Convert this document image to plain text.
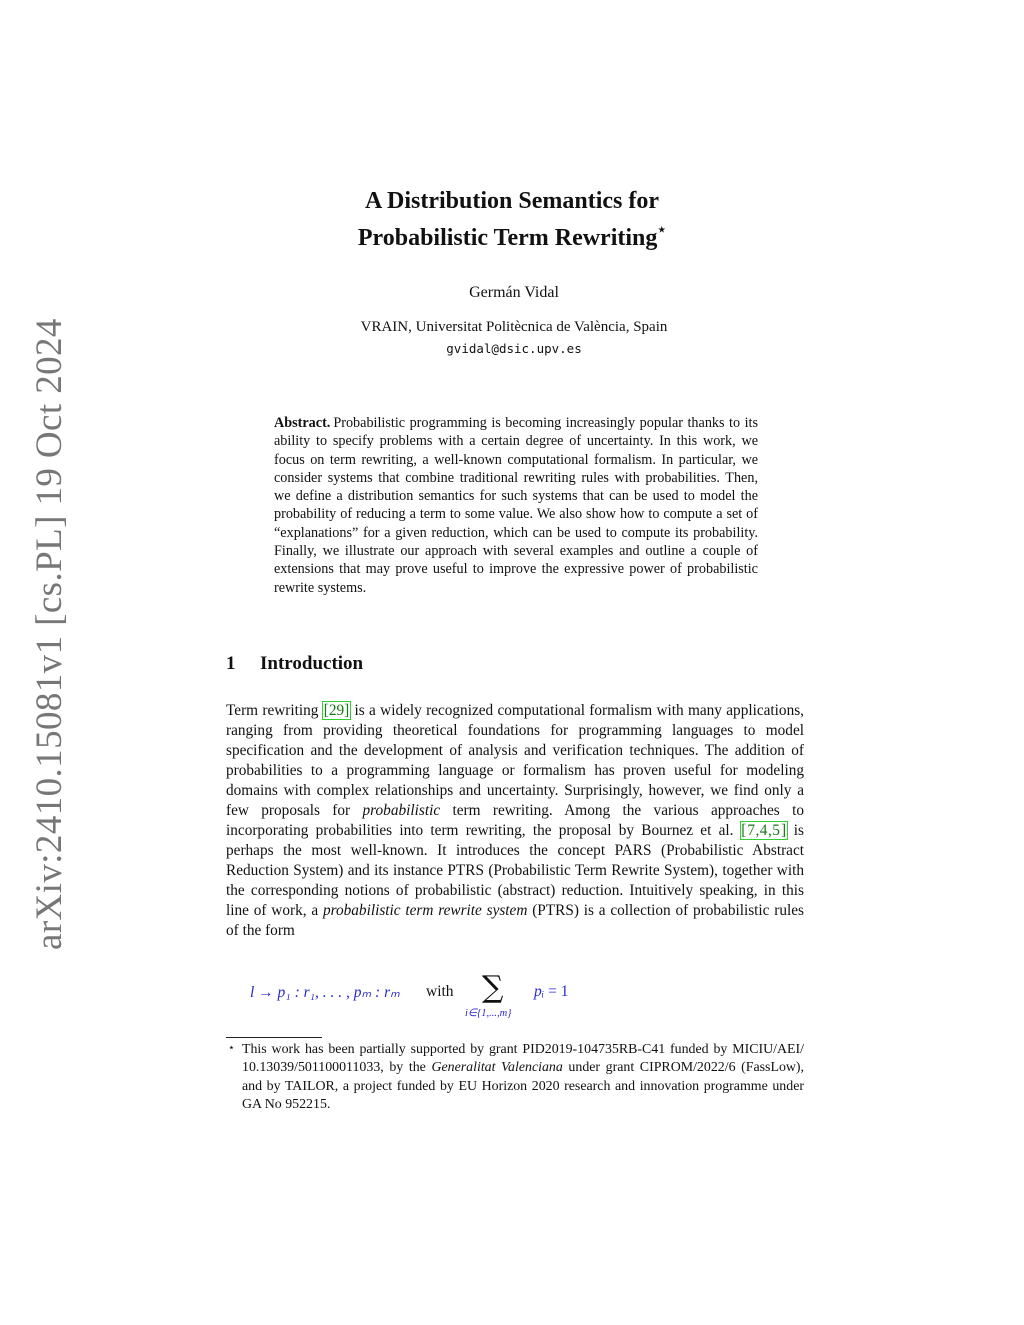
arXiv:2410.15081v1 [cs.PL] 19 Oct 2024
A Distribution Semantics for
Probabilistic Term Rewriting⋆
Germán Vidal
VRAIN, Universitat Politècnica de València, Spain
gvidal@dsic.upv.es
Abstract. Probabilistic programming is becoming increasingly popular thanks to its ability to specify problems with a certain degree of uncertainty. In this work, we focus on term rewriting, a well-known computational formalism. In particular, we consider systems that combine traditional rewriting rules with probabilities. Then, we define a distribution semantics for such systems that can be used to model the probability of reducing a term to some value. We also show how to compute a set of “explanations” for a given reduction, which can be used to compute its probability. Finally, we illustrate our approach with several examples and outline a couple of extensions that may prove useful to improve the expressive power of probabilistic rewrite systems.
1 Introduction
Term rewriting [29] is a widely recognized computational formalism with many applications, ranging from providing theoretical foundations for programming languages to model specification and the development of analysis and verification techniques. The addition of probabilities to a programming language or formalism has proven useful for modeling domains with complex relationships and uncertainty. Surprisingly, however, we find only a few proposals for probabilistic term rewriting. Among the various approaches to incorporating probabilities into term rewriting, the proposal by Bournez et al. [7,4,5] is perhaps the most well-known. It introduces the concept PARS (Probabilistic Abstract Reduction System) and its instance PTRS (Probabilistic Term Rewrite System), together with the corresponding notions of probabilistic (abstract) reduction. Intuitively speaking, in this line of work, a probabilistic term rewrite system (PTRS) is a collection of probabilistic rules of the form
l → p₁ : r₁, . . . , pₘ : rₘ with ∑
i∈{1,...,m}
pᵢ = 1
⋆ This work has been partially supported by grant PID2019-104735RB-C41 funded by MICIU/AEI/ 10.13039/501100011033, by the Generalitat Valenciana under grant CIPROM/2022/6 (FassLow), and by TAILOR, a project funded by EU Horizon 2020 research and innovation programme under GA No 952215.
